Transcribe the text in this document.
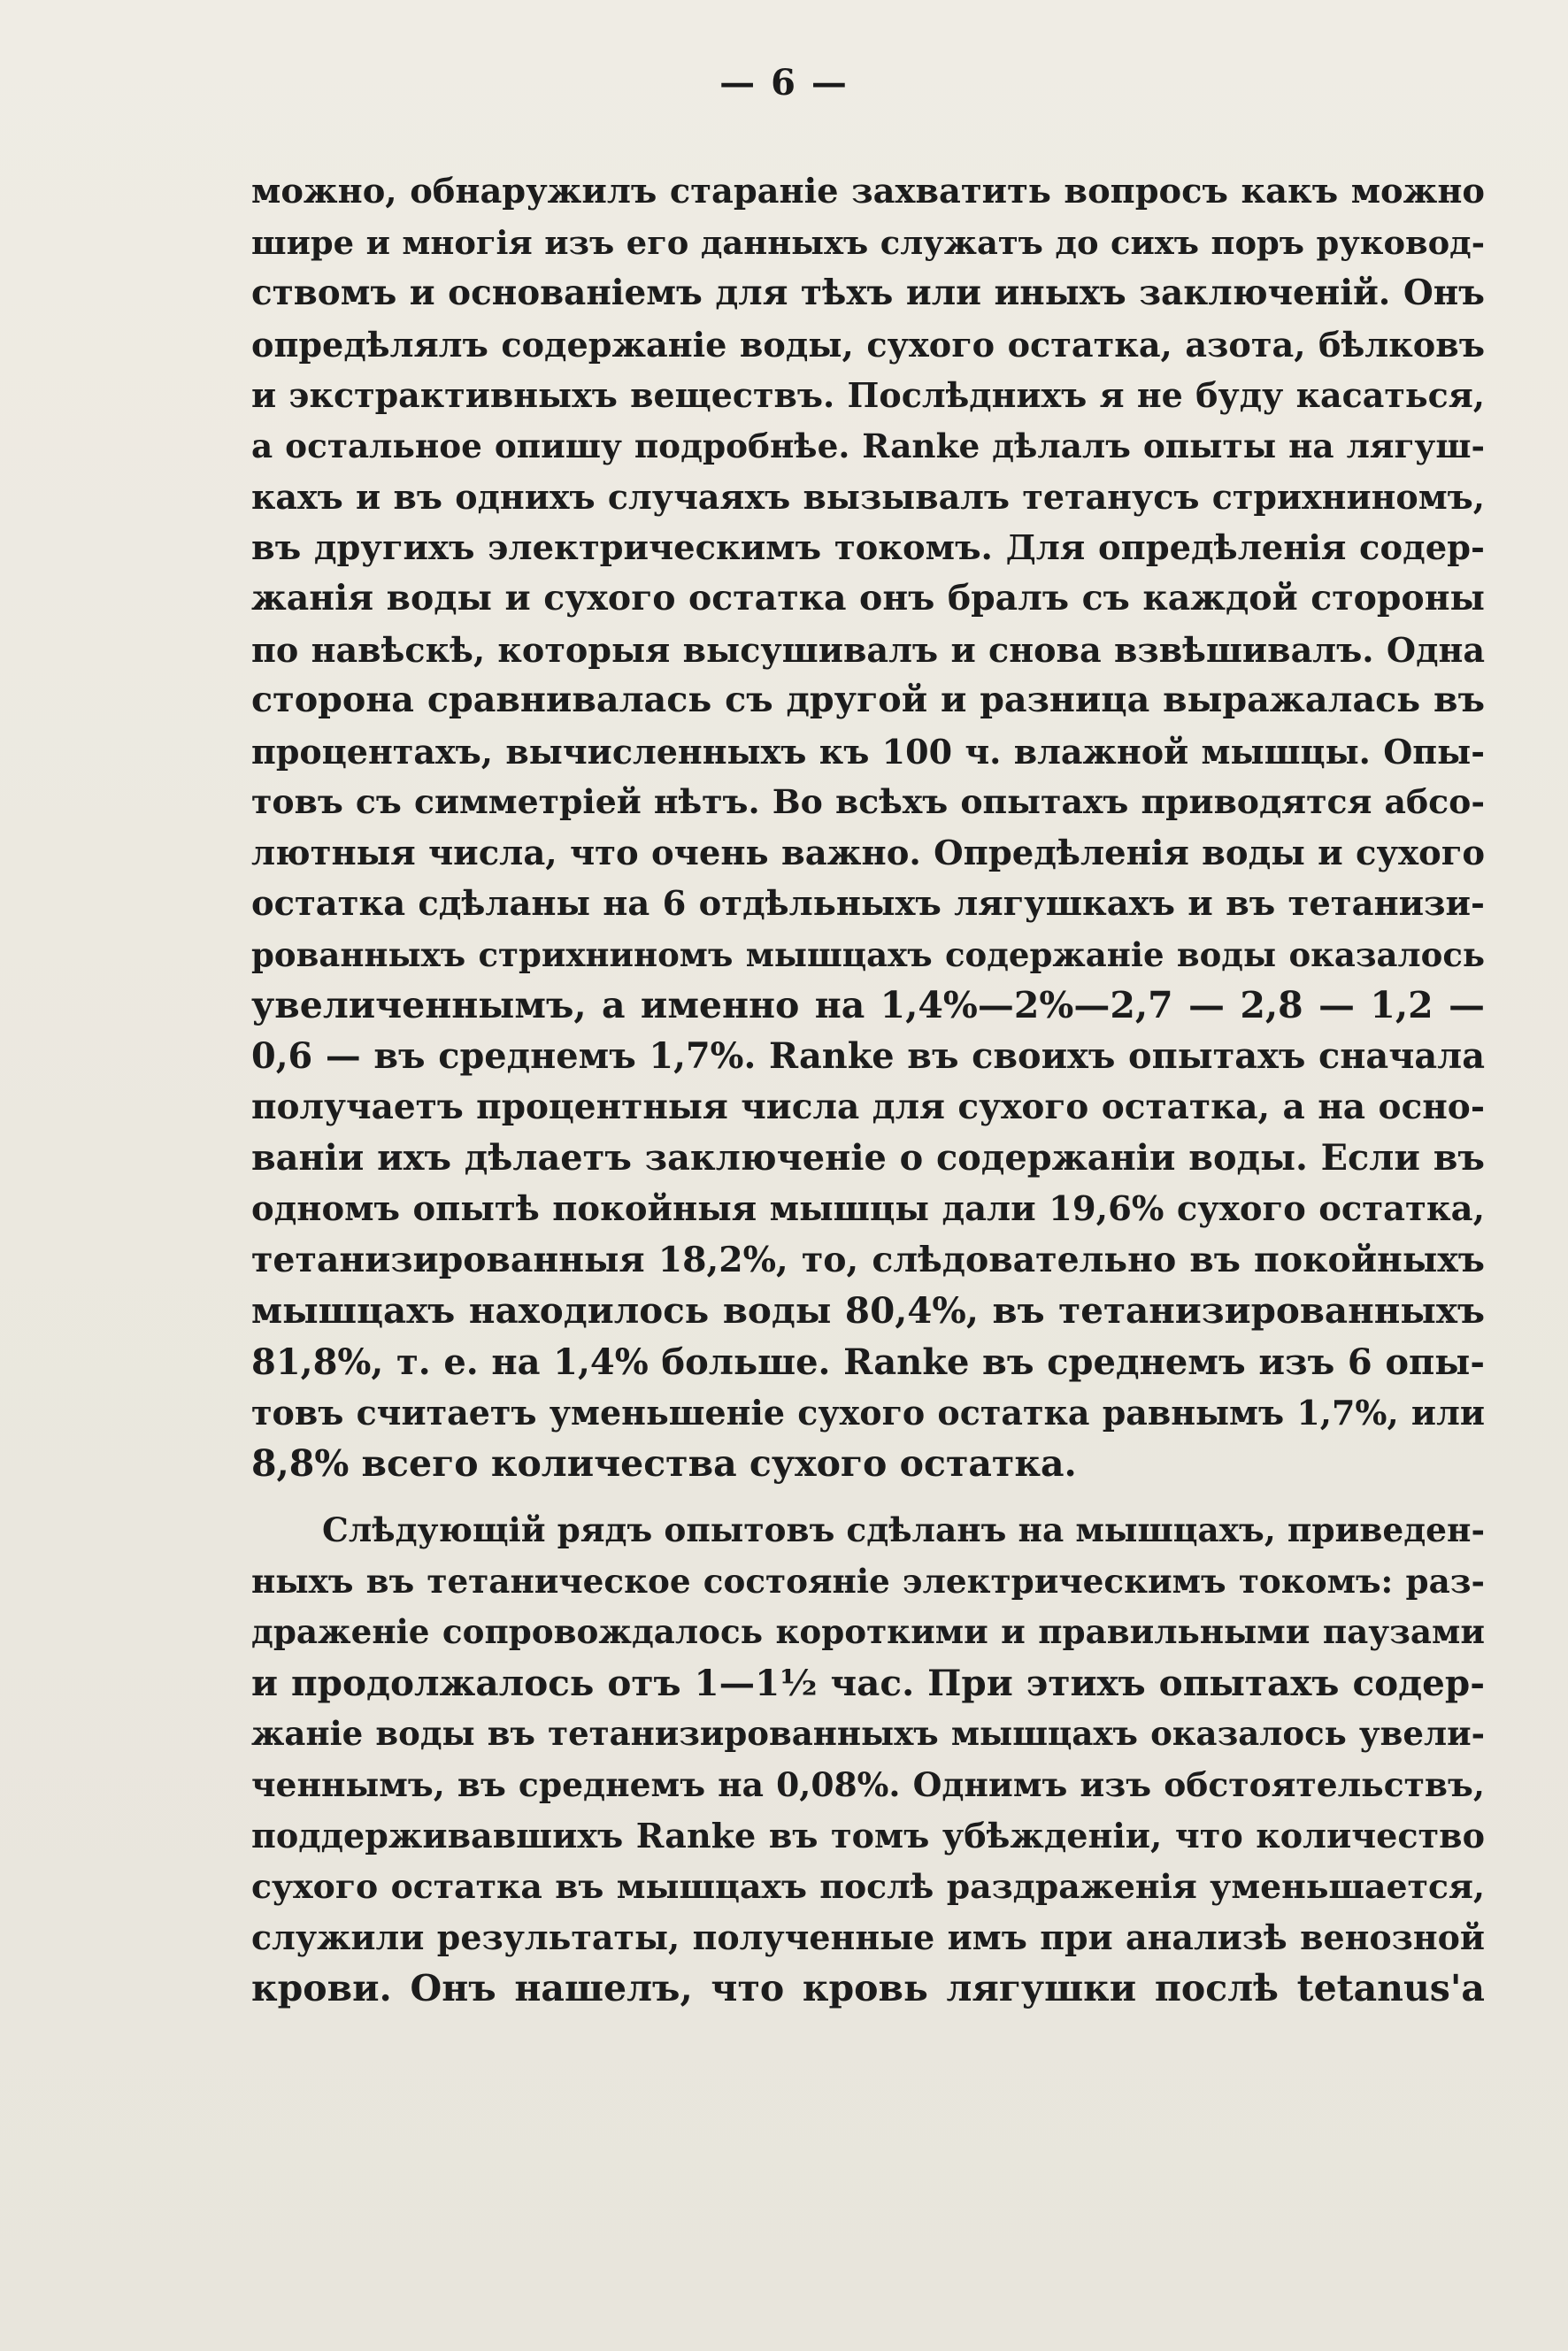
— 6 —
можно, обнаружилъ стараніе захватить вопросъ какъ можно
шире и многія изъ его данныхъ служатъ до сихъ поръ руковод-
ствомъ и основаніемъ для тѣхъ или иныхъ заключеній. Онъ
опредѣлялъ содержаніе воды, сухого остатка, азота, бѣлковъ
и экстрактивныхъ веществъ. Послѣднихъ я не буду касаться,
а остальное опишу подробнѣе. Ranke дѣлалъ опыты на лягуш-
кахъ и въ однихъ случаяхъ вызывалъ тетанусъ стрихниномъ,
въ другихъ электрическимъ токомъ. Для опредѣленія содер-
жанія воды и сухого остатка онъ бралъ съ каждой стороны
по навѣскѣ, которыя высушивалъ и снова взвѣшивалъ. Одна
сторона сравнивалась съ другой и разница выражалась въ
процентахъ, вычисленныхъ къ 100 ч. влажной мышцы. Опы-
товъ съ симметріей нѣтъ. Во всѣхъ опытахъ приводятся абсо-
лютныя числа, что очень важно. Опредѣленія воды и сухого
остатка сдѣланы на 6 отдѣльныхъ лягушкахъ и въ тетанизи-
рованныхъ стрихниномъ мышцахъ содержаніе воды оказалось
увеличеннымъ, а именно на 1,4%—2%—2,7 — 2,8 — 1,2 —
0,6 — въ среднемъ 1,7%. Ranke въ своихъ опытахъ сначала
получаетъ процентныя числа для сухого остатка, а на осно-
ваніи ихъ дѣлаетъ заключеніе о содержаніи воды. Если въ
одномъ опытѣ покойныя мышцы дали 19,6% сухого остатка,
тетанизированныя 18,2%, то, слѣдовательно въ покойныхъ
мышцахъ находилось воды 80,4%, въ тетанизированныхъ
81,8%, т. е. на 1,4% больше. Ranke въ среднемъ изъ 6 опы-
товъ считаетъ уменьшеніе сухого остатка равнымъ 1,7%, или
8,8% всего количества сухого остатка.
Слѣдующій рядъ опытовъ сдѣланъ на мышцахъ, приведен-
ныхъ въ тетаническое состояніе электрическимъ токомъ: раз-
драженіе сопровождалось короткими и правильными паузами
и продолжалось отъ 1—1½ час. При этихъ опытахъ содер-
жаніе воды въ тетанизированныхъ мышцахъ оказалось увели-
ченнымъ, въ среднемъ на 0,08%. Однимъ изъ обстоятельствъ,
поддерживавшихъ Ranke въ томъ убѣжденіи, что количество
сухого остатка въ мышцахъ послѣ раздраженія уменьшается,
служили результаты, полученные имъ при анализѣ венозной
крови. Онъ нашелъ, что кровь лягушки послѣ tetanus'а
